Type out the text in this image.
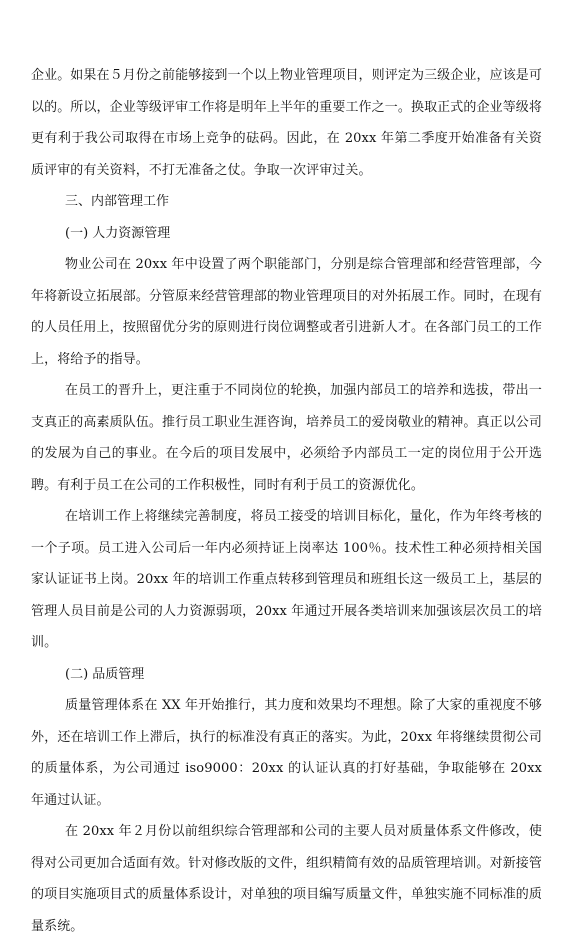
企业。如果在５月份之前能够接到一个以上物业管理项目，则评定为三级企业，应该是可以的。所以，企业等级评审工作将是明年上半年的重要工作之一。换取正式的企业等级将更有利于我公司取得在市场上竞争的砝码。因此，在 20xx 年第二季度开始准备有关资质评审的有关资料，不打无准备之仗。争取一次评审过关。

三、内部管理工作

(一) 人力资源管理

物业公司在 20xx 年中设置了两个职能部门，分别是综合管理部和经营管理部，今年将新设立拓展部。分管原来经营管理部的物业管理项目的对外拓展工作。同时，在现有的人员任用上，按照留优分劣的原则进行岗位调整或者引进新人才。在各部门员工的工作上，将给予的指导。

在员工的晋升上，更注重于不同岗位的轮换，加强内部员工的培养和选拔，带出一支真正的高素质队伍。推行员工职业生涯咨询，培养员工的爱岗敬业的精神。真正以公司的发展为自己的事业。在今后的项目发展中，必须给予内部员工一定的岗位用于公开选聘。有利于员工在公司的工作积极性，同时有利于员工的资源优化。

在培训工作上将继续完善制度，将员工接受的培训目标化，量化，作为年终考核的一个子项。员工进入公司后一年内必须持证上岗率达 100％。技术性工种必须持相关国家认证证书上岗。20xx 年的培训工作重点转移到管理员和班组长这一级员工上，基层的管理人员目前是公司的人力资源弱项，20xx 年通过开展各类培训来加强该层次员工的培训。

(二) 品质管理

质量管理体系在 XX 年开始推行，其力度和效果均不理想。除了大家的重视度不够外，还在培训工作上滞后，执行的标准没有真正的落实。为此，20xx 年将继续贯彻公司的质量体系，为公司通过 iso9000：20xx 的认证认真的打好基础，争取能够在 20xx 年通过认证。

在 20xx 年２月份以前组织综合管理部和公司的主要人员对质量体系文件修改，使得对公司更加合适面有效。针对修改版的文件，组织精简有效的品质管理培训。对新接管的项目实施项目式的质量体系设计，对单独的项目编写质量文件，单独实施不同标准的质量系统。
